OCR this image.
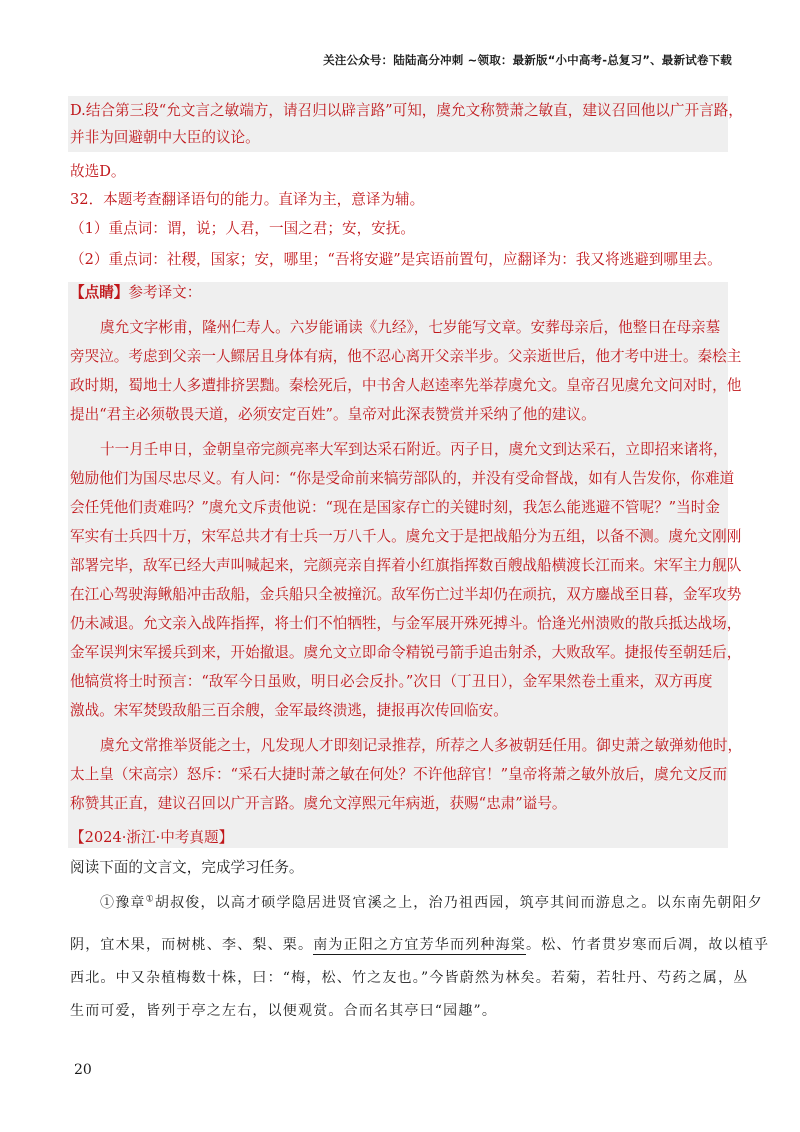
关注公众号：陆陆高分冲刺 ~领取：最新版“小中高考-总复习”、最新试卷下载
D.结合第三段“允文言之敏端方，请召归以辟言路”可知，虞允文称赞萧之敏直，建议召回他以广开言路，
并非为回避朝中大臣的议论。
故选D。
32．本题考查翻译语句的能力。直译为主，意译为辅。
（1）重点词：谓，说；人君，一国之君；安，安抚。
（2）重点词：社稷，国家；安，哪里；“吾将安避”是宾语前置句，应翻译为：我又将逃避到哪里去。
【点睛】参考译文：
虞允文字彬甫，隆州仁寿人。六岁能诵读《九经》，七岁能写文章。安葬母亲后，他整日在母亲墓
旁哭泣。考虑到父亲一人鳏居且身体有病，他不忍心离开父亲半步。父亲逝世后，他才考中进士。秦桧主
政时期，蜀地士人多遭排挤罢黜。秦桧死后，中书舍人赵逵率先举荐虞允文。皇帝召见虞允文问对时，他
提出“君主必须敬畏天道，必须安定百姓”。皇帝对此深表赞赏并采纳了他的建议。
十一月壬申日，金朝皇帝完颜亮率大军到达采石附近。丙子日，虞允文到达采石，立即招来诸将，
勉励他们为国尽忠尽义。有人问：“你是受命前来犒劳部队的，并没有受命督战，如有人告发你，你难道
会任凭他们责难吗？”虞允文斥责他说：“现在是国家存亡的关键时刻，我怎么能逃避不管呢？”当时金
军实有士兵四十万，宋军总共才有士兵一万八千人。虞允文于是把战船分为五组，以备不测。虞允文刚刚
部署完毕，敌军已经大声叫喊起来，完颜亮亲自挥着小红旗指挥数百艘战船横渡长江而来。宋军主力舰队
在江心驾驶海鳅船冲击敌船，金兵船只全被撞沉。敌军伤亡过半却仍在顽抗，双方鏖战至日暮，金军攻势
仍未减退。允文亲入战阵指挥，将士们不怕牺牲，与金军展开殊死搏斗。恰逢光州溃败的散兵抵达战场，
金军误判宋军援兵到来，开始撤退。虞允文立即命令精锐弓箭手追击射杀，大败敌军。捷报传至朝廷后，
他犒赏将士时预言：“敌军今日虽败，明日必会反扑。”次日（丁丑日），金军果然卷土重来，双方再度
激战。宋军焚毁敌船三百余艘，金军最终溃逃，捷报再次传回临安。
虞允文常推举贤能之士，凡发现人才即刻记录推荐，所荐之人多被朝廷任用。御史萧之敏弹劾他时，
太上皇（宋高宗）怒斥：“采石大捷时萧之敏在何处？不许他辞官！”皇帝将萧之敏外放后，虞允文反而
称赞其正直，建议召回以广开言路。虞允文淳熙元年病逝，获赐“忠肃”谥号。
【2024·浙江·中考真题】
阅读下面的文言文，完成学习任务。
①豫章①胡叔俊，以高才硕学隐居进贤官溪之上，治乃祖西园，筑亭其间而游息之。以东南先朝阳夕
阴，宜木果，而树桃、李、梨、栗。南为正阳之方宜芳华而列种海棠。松、竹者贯岁寒而后凋，故以植乎
西北。中又杂植梅数十株，曰：“梅，松、竹之友也。”今皆蔚然为林矣。若菊，若牡丹、芍药之属，丛
生而可爱，皆列于亭之左右，以便观赏。合而名其亭曰“园趣”。
20
